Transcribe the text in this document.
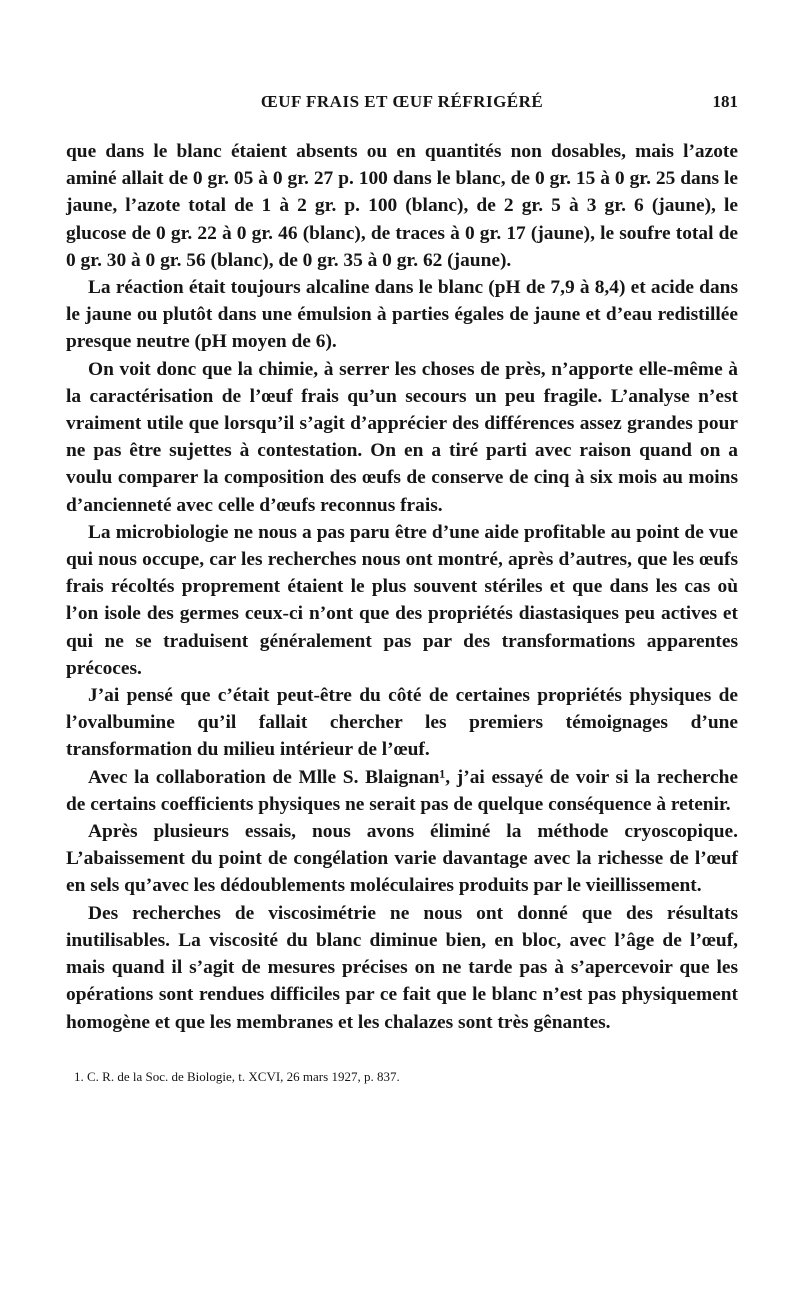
ŒUF FRAIS ET ŒUF RÉFRIGÉRÉ	181

que dans le blanc étaient absents ou en quantités non dosables, mais l’azote aminé allait de 0 gr. 05 à 0 gr. 27 p. 100 dans le blanc, de 0 gr. 15 à 0 gr. 25 dans le jaune, l’azote total de 1 à 2 gr. p. 100 (blanc), de 2 gr. 5 à 3 gr. 6 (jaune), le glucose de 0 gr. 22 à 0 gr. 46 (blanc), de traces à 0 gr. 17 (jaune), le soufre total de 0 gr. 30 à 0 gr. 56 (blanc), de 0 gr. 35 à 0 gr. 62 (jaune).

La réaction était toujours alcaline dans le blanc (pH de 7,9 à 8,4) et acide dans le jaune ou plutôt dans une émulsion à parties égales de jaune et d’eau redistillée presque neutre (pH moyen de 6).

On voit donc que la chimie, à serrer les choses de près, n’apporte elle-même à la caractérisation de l’œuf frais qu’un secours un peu fragile. L’analyse n’est vraiment utile que lorsqu’il s’agit d’apprécier des différences assez grandes pour ne pas être sujettes à contestation. On en a tiré parti avec raison quand on a voulu comparer la composition des œufs de conserve de cinq à six mois au moins d’ancienneté avec celle d’œufs reconnus frais.

La microbiologie ne nous a pas paru être d’une aide profitable au point de vue qui nous occupe, car les recherches nous ont montré, après d’autres, que les œufs frais récoltés proprement étaient le plus souvent stériles et que dans les cas où l’on isole des germes ceux-ci n’ont que des propriétés diastasiques peu actives et qui ne se traduisent généralement pas par des transformations apparentes précoces.

J’ai pensé que c’était peut-être du côté de certaines propriétés physiques de l’ovalbumine qu’il fallait chercher les premiers témoignages d’une transformation du milieu intérieur de l’œuf.

Avec la collaboration de Mlle S. Blaignan¹, j’ai essayé de voir si la recherche de certains coefficients physiques ne serait pas de quelque conséquence à retenir.

Après plusieurs essais, nous avons éliminé la méthode cryoscopique. L’abaissement du point de congélation varie davantage avec la richesse de l’œuf en sels qu’avec les dédoublements moléculaires produits par le vieillissement.

Des recherches de viscosimétrie ne nous ont donné que des résultats inutilisables. La viscosité du blanc diminue bien, en bloc, avec l’âge de l’œuf, mais quand il s’agit de mesures précises on ne tarde pas à s’apercevoir que les opérations sont rendues difficiles par ce fait que le blanc n’est pas physiquement homogène et que les membranes et les chalazes sont très gênantes.

1. C. R. de la Soc. de Biologie, t. XCVI, 26 mars 1927, p. 837.
